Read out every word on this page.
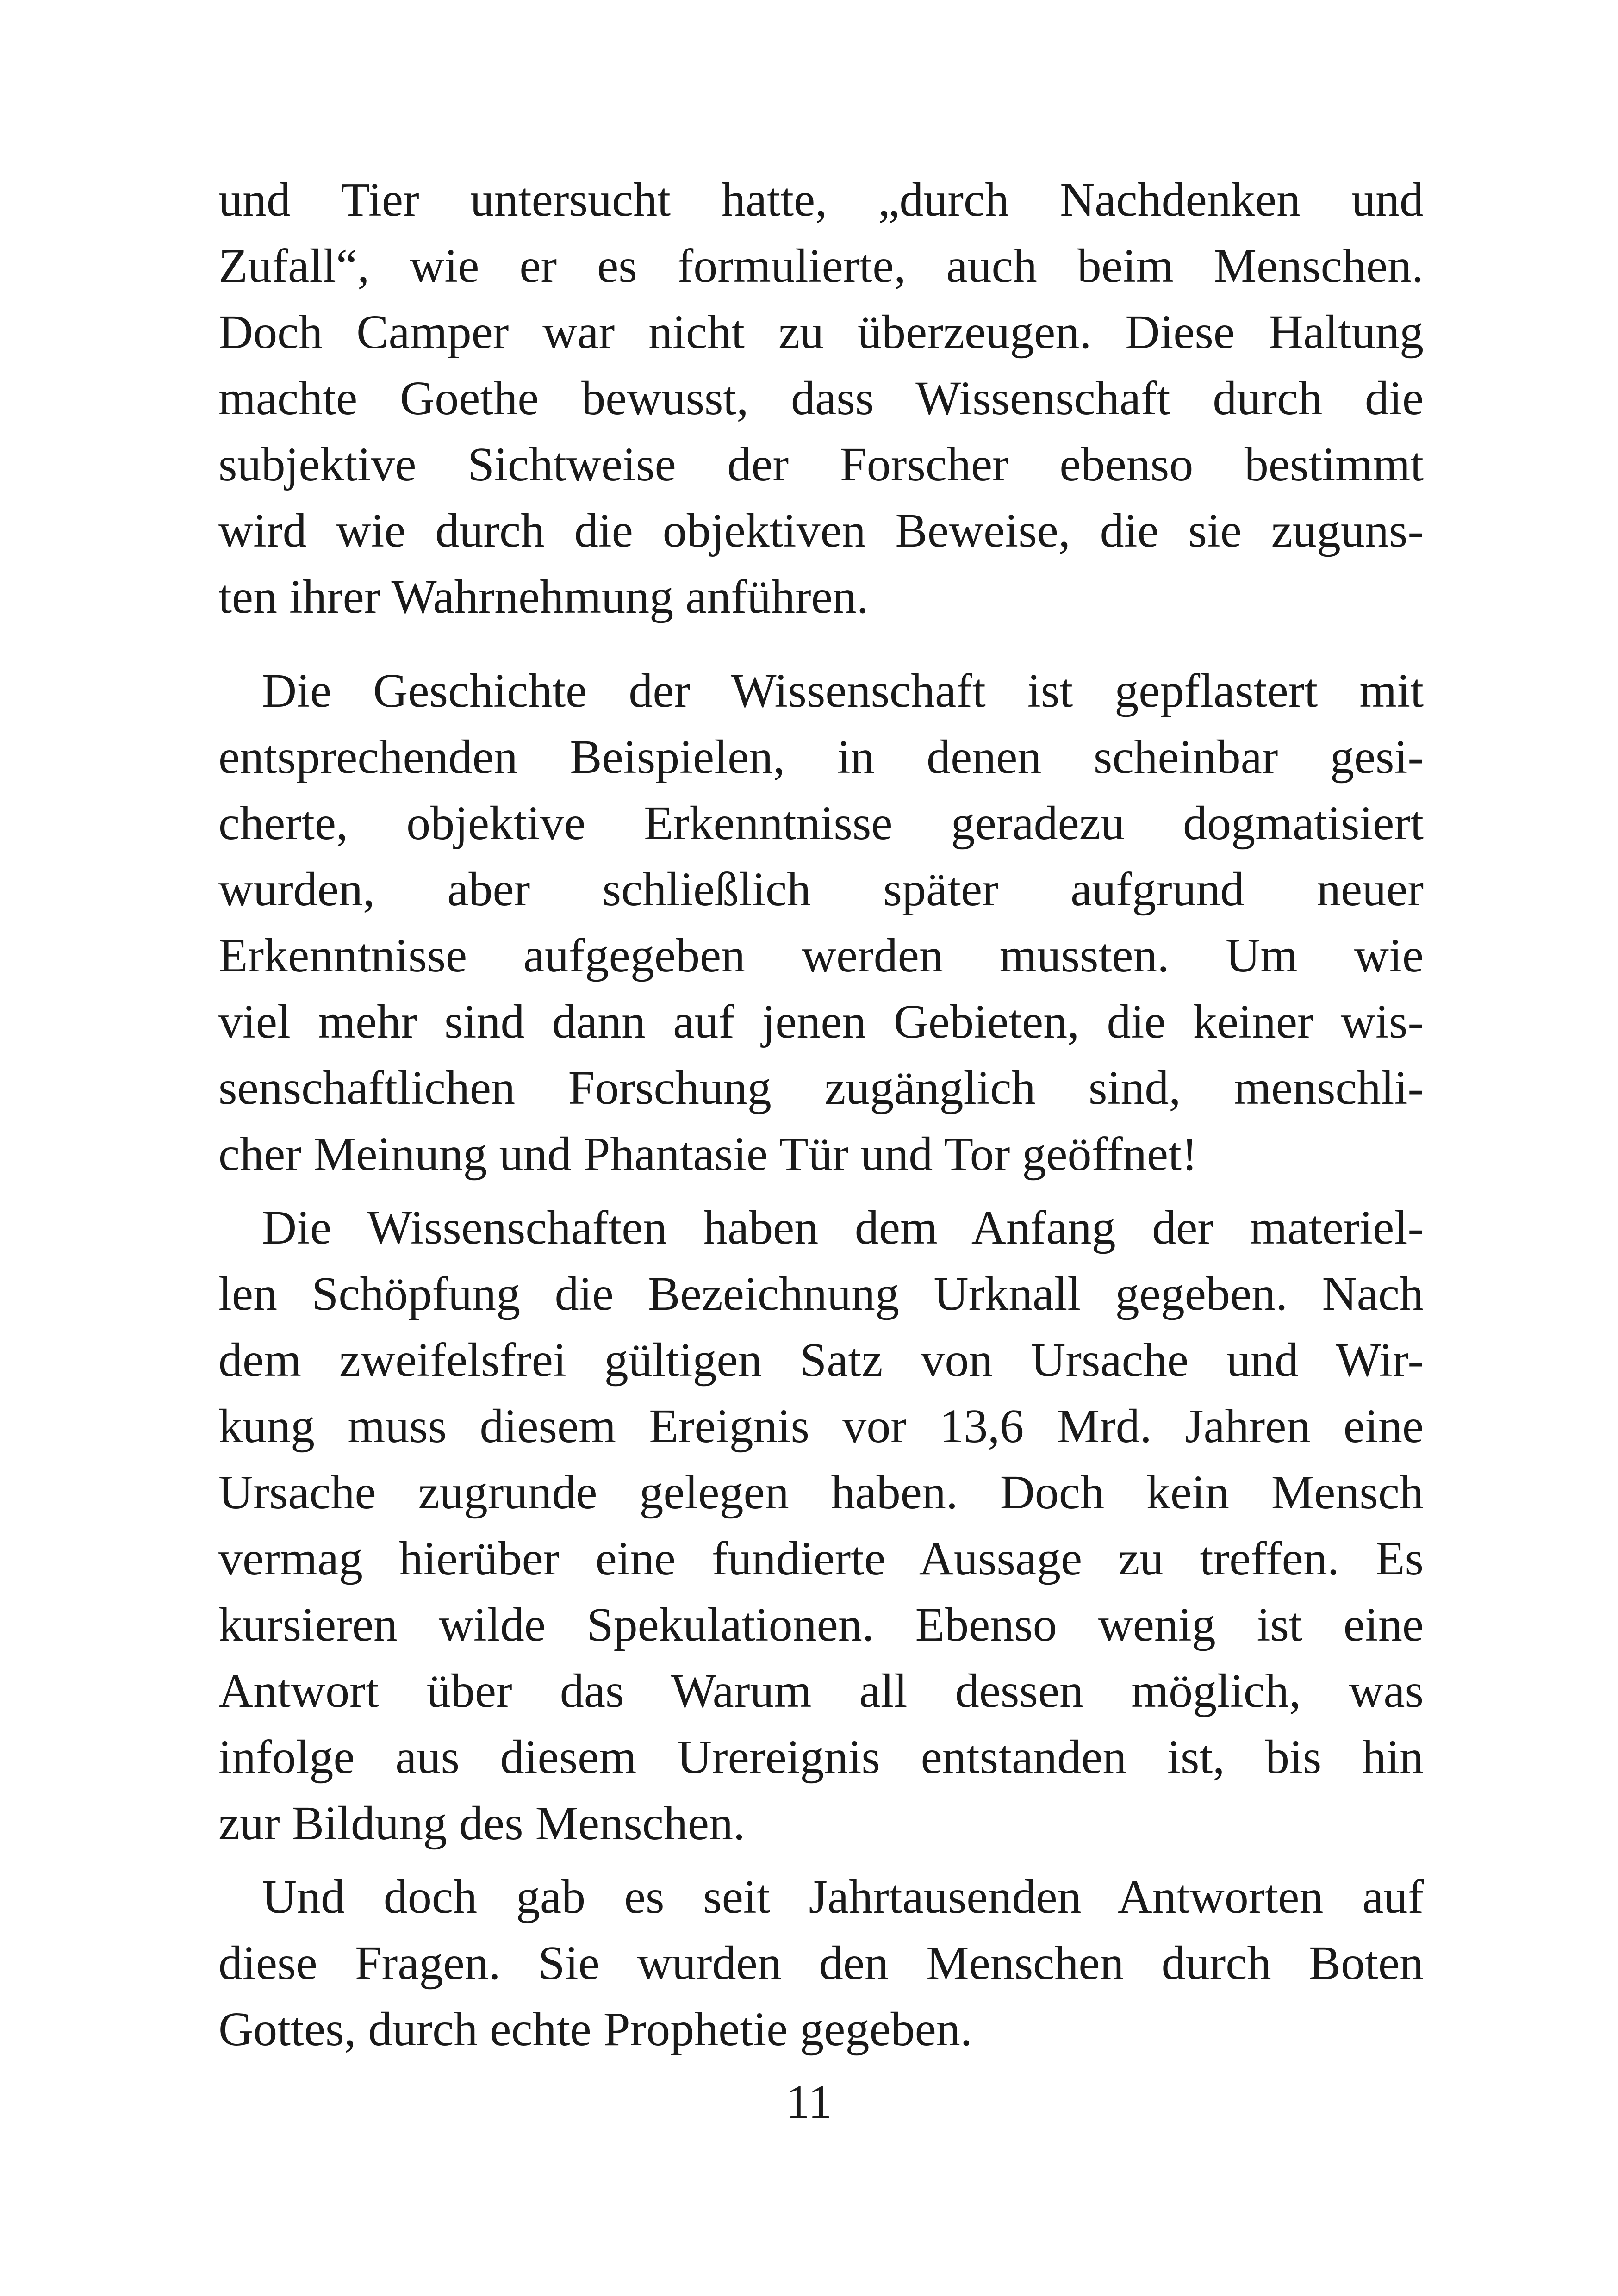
und Tier untersucht hatte, „durch Nachdenken und
Zufall“, wie er es formulierte, auch beim Menschen.
Doch Camper war nicht zu überzeugen. Diese Haltung
machte Goethe bewusst, dass Wissenschaft durch die
subjektive Sichtweise der Forscher ebenso bestimmt
wird wie durch die objektiven Beweise, die sie zuguns-
ten ihrer Wahrnehmung anführen.
Die Geschichte der Wissenschaft ist gepflastert mit
entsprechenden Beispielen, in denen scheinbar gesi-
cherte, objektive Erkenntnisse geradezu dogmatisiert
wurden, aber schließlich später aufgrund neuer
Erkenntnisse aufgegeben werden mussten. Um wie
viel mehr sind dann auf jenen Gebieten, die keiner wis-
senschaftlichen Forschung zugänglich sind, menschli-
cher Meinung und Phantasie Tür und Tor geöffnet!
Die Wissenschaften haben dem Anfang der materiel-
len Schöpfung die Bezeichnung Urknall gegeben. Nach
dem zweifelsfrei gültigen Satz von Ursache und Wir-
kung muss diesem Ereignis vor 13,6 Mrd. Jahren eine
Ursache zugrunde gelegen haben. Doch kein Mensch
vermag hierüber eine fundierte Aussage zu treffen. Es
kursieren wilde Spekulationen. Ebenso wenig ist eine
Antwort über das Warum all dessen möglich, was
infolge aus diesem Urereignis entstanden ist, bis hin
zur Bildung des Menschen.
Und doch gab es seit Jahrtausenden Antworten auf
diese Fragen. Sie wurden den Menschen durch Boten
Gottes, durch echte Prophetie gegeben.
11
